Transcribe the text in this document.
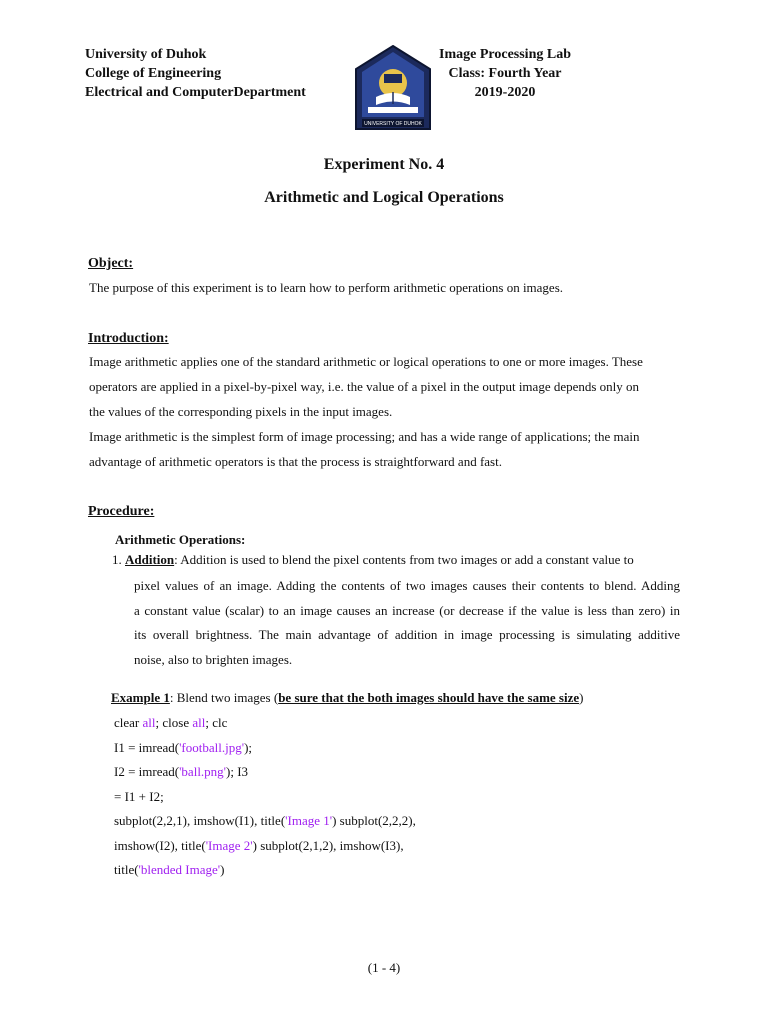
University of Duhok
College of Engineering
Electrical and ComputerDepartment
UNIVERSITY OF DUHOK
Image Processing Lab
Class: Fourth Year
2019-2020
Experiment No. 4
Arithmetic and Logical Operations
Object:
The purpose of this experiment is to learn how to perform arithmetic operations on images.
Introduction:
Image arithmetic applies one of the standard arithmetic or logical operations to one or more images. These
operators are applied in a pixel-by-pixel way, i.e. the value of a pixel in the output image depends only on
the values of the corresponding pixels in the input images.
Image arithmetic is the simplest form of image processing; and has a wide range of applications; the main
advantage of arithmetic operators is that the process is straightforward and fast.
Procedure:
Arithmetic Operations:
1. Addition: Addition is used to blend the pixel contents from two images or add a constant value to
pixel values of an image. Adding the contents of two images causes their contents to blend. Adding
a constant value (scalar) to an image causes an increase (or decrease if the value is less than zero) in
its overall brightness. The main advantage of addition in image processing is simulating additive
noise, also to brighten images.
Example 1: Blend two images (be sure that the both images should have the same size)
clear all; close all; clc
I1 = imread('football.jpg');
I2 = imread('ball.png'); I3
= I1 + I2;
subplot(2,2,1), imshow(I1), title('Image 1') subplot(2,2,2),
imshow(I2), title('Image 2') subplot(2,1,2), imshow(I3),
title('blended Image')
(1 - 4)
